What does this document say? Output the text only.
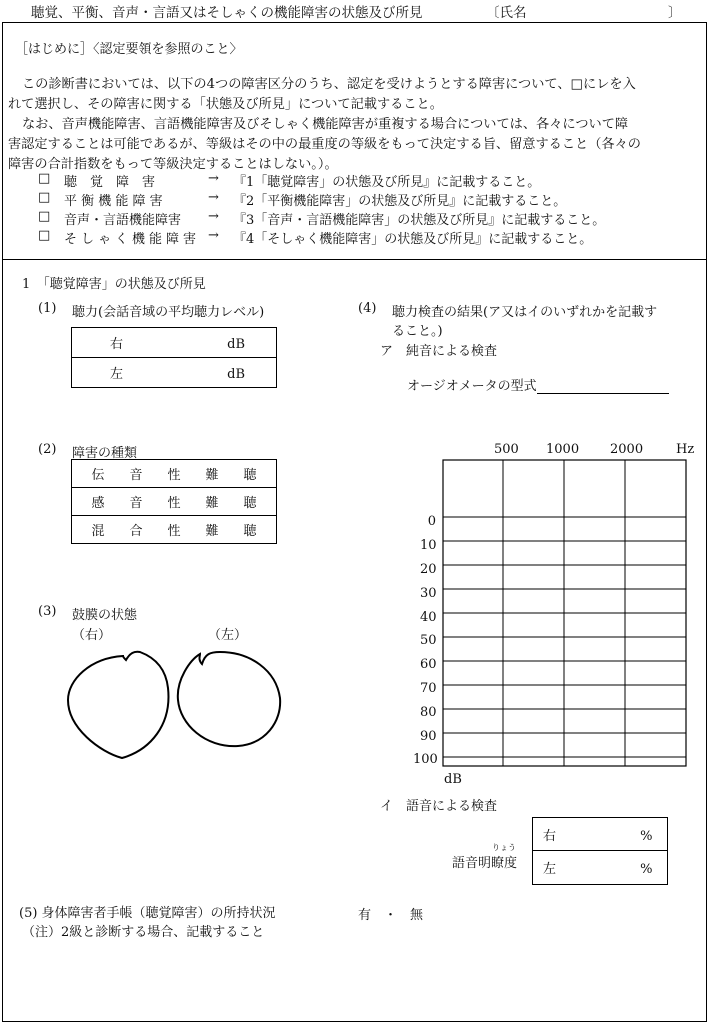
聴覚、平衡、音声・言語又はそしゃくの機能障害の状態及び所見	〔氏名	〕
［はじめに］〈認定要領を参照のこと〉
この診断書においては、以下の4つの障害区分のうち、認定を受けようとする障害について、□にレを入
れて選択し、その障害に関する「状態及び所見」について記載すること。
なお、音声機能障害、言語機能障害及びそしゃく機能障害が重複する場合については、各々について障
害認定することは可能であるが、等級はその中の最重度の等級をもって決定する旨、留意すること（各々の
障害の合計指数をもって等級決定することはしない。）。
□ 聴　覚　障　害	→ 『1「聴覚障害」の状態及び所見』に記載すること。
□ 平 衡 機 能 障 害	→ 『2「平衡機能障害」の状態及び所見』に記載すること。
□ 音声・言語機能障害 → 『3「音声・言語機能障害」の状態及び所見』に記載すること。
□ そしゃく機能障害 → 『4「そしゃく機能障害」の状態及び所見』に記載すること。
1　「聴覚障害」の状態及び所見
(1) 聴力(会話音域の平均聴力レベル)
右	dB
左	dB
(2) 障害の種類
伝 音 性 難 聴
感 音 性 難 聴
混 合 性 難 聴
(3) 鼓膜の状態
（右）	（左）
(4) 聴力検査の結果(ア又はイのいずれかを記載す
ること。)
ア　純音による検査
オージオメータの型式
500 1000 2000	Hz
0
10
20
30
40
50
60
70
80
90
100
dB
イ　語音による検査
りょう
語音明瞭度
右	%
左	%
(5) 身体障害者手帳（聴覚障害）の所持状況
（注）2級と診断する場合、記載すること
有　・　無
